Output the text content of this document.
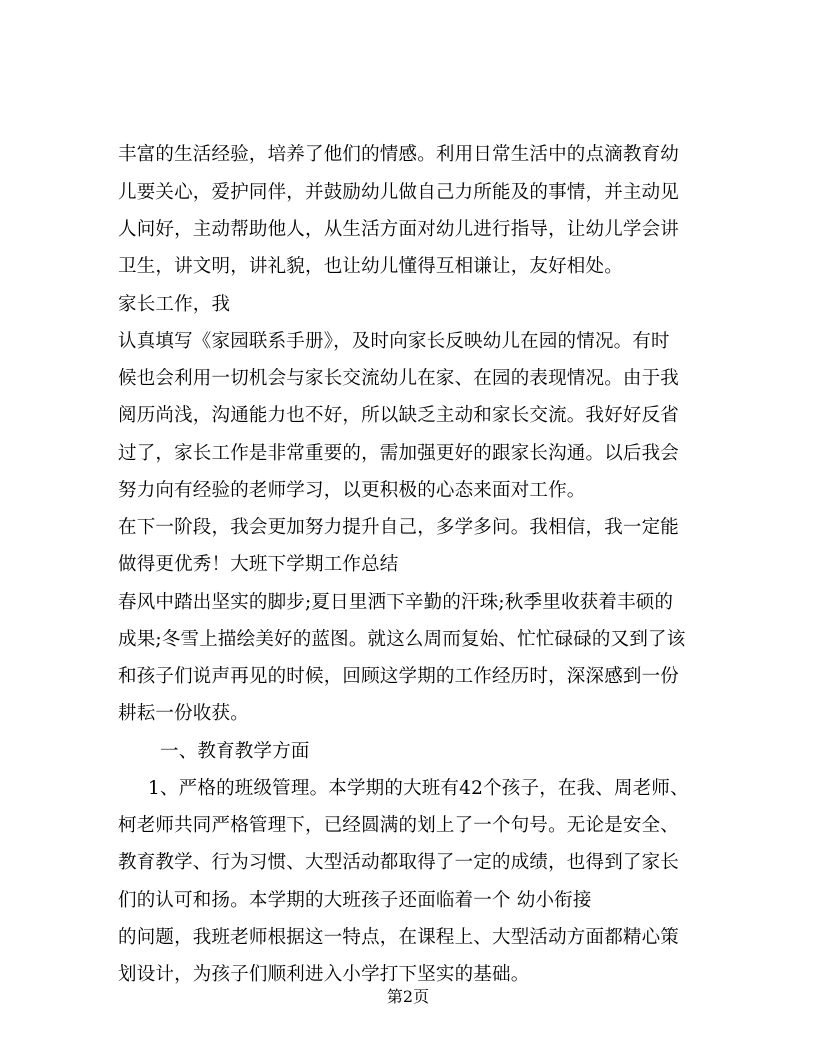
丰富的生活经验，培养了他们的情感。利用日常生活中的点滴教育幼
儿要关心，爱护同伴，并鼓励幼儿做自己力所能及的事情，并主动见
人问好，主动帮助他人，从生活方面对幼儿进行指导，让幼儿学会讲
卫生，讲文明，讲礼貌，也让幼儿懂得互相谦让，友好相处。
家长工作，我
认真填写《家园联系手册》，及时向家长反映幼儿在园的情况。有时
候也会利用一切机会与家长交流幼儿在家、在园的表现情况。由于我
阅历尚浅，沟通能力也不好，所以缺乏主动和家长交流。我好好反省
过了，家长工作是非常重要的，需加强更好的跟家长沟通。以后我会
努力向有经验的老师学习，以更积极的心态来面对工作。
在下一阶段，我会更加努力提升自己，多学多问。我相信，我一定能
做得更优秀！大班下学期工作总结
春风中踏出坚实的脚步;夏日里洒下辛勤的汗珠;秋季里收获着丰硕的
成果;冬雪上描绘美好的蓝图。就这么周而复始、忙忙碌碌的又到了该
和孩子们说声再见的时候，回顾这学期的工作经历时，深深感到一份
耕耘一份收获。
一、教育教学方面
1、严格的班级管理。本学期的大班有42个孩子，在我、周老师、
柯老师共同严格管理下，已经圆满的划上了一个句号。无论是安全、
教育教学、行为习惯、大型活动都取得了一定的成绩，也得到了家长
们的认可和扬。本学期的大班孩子还面临着一个 幼小衔接
的问题，我班老师根据这一特点，在课程上、大型活动方面都精心策
划设计，为孩子们顺利进入小学打下坚实的基础。
第2页
